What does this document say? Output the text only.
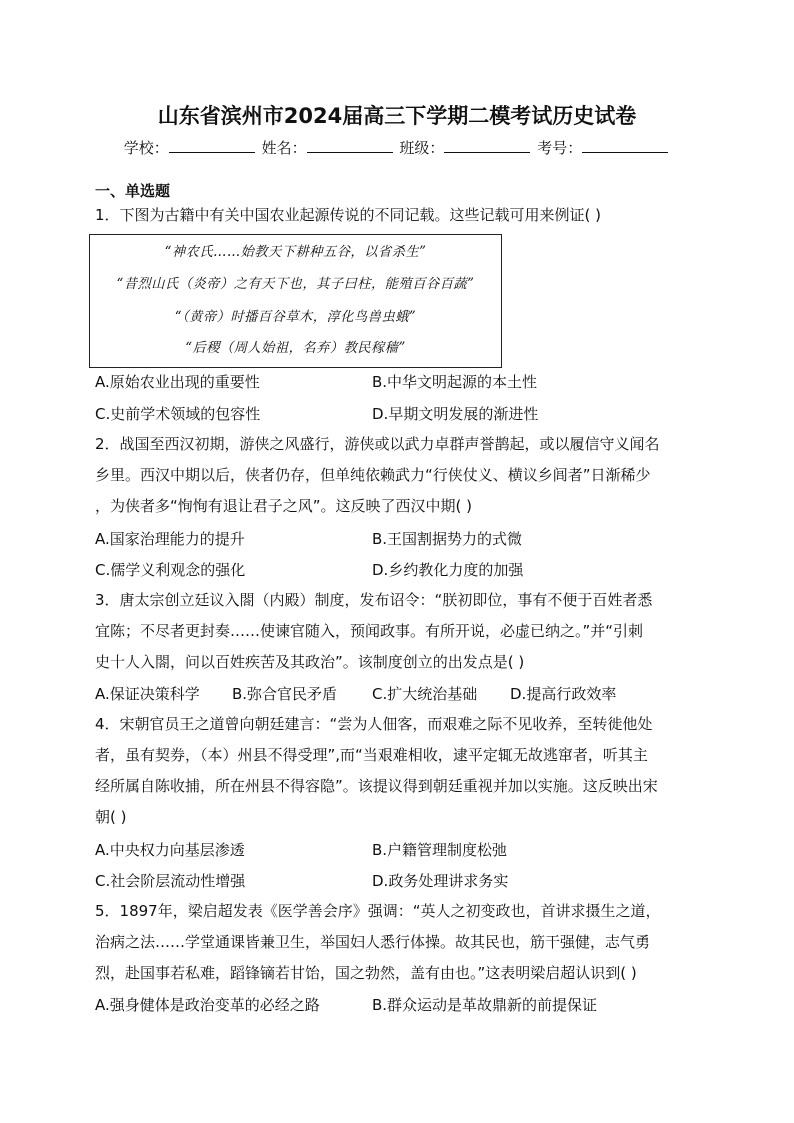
山东省滨州市2024届高三下学期二模考试历史试卷
学校：	姓名：	班级：	考号：
一、单选题
1．下图为古籍中有关中国农业起源传说的不同记载。这些记载可用来例证( )
“神农氏……始教天下耕种五谷，以省杀生”
“昔烈山氏（炎帝）之有天下也，其子曰柱，能殖百谷百蔬”
“（黄帝）时播百谷草木，淳化鸟兽虫蛾”
“后稷（周人始祖，名弃）教民稼穑”
A.原始农业出现的重要性	B.中华文明起源的本土性
C.史前学术领域的包容性	D.早期文明发展的渐进性
2．战国至西汉初期，游侠之风盛行，游侠或以武力卓群声誉鹊起，或以履信守义闻名
乡里。西汉中期以后，侠者仍存，但单纯依赖武力“行侠仗义、横议乡闾者”日渐稀少
，为侠者多“恂恂有退让君子之风”。这反映了西汉中期( )
A.国家治理能力的提升	B.王国割据势力的式微
C.儒学义利观念的强化	D.乡约教化力度的加强
3．唐太宗创立廷议入閤（内殿）制度，发布诏令：“朕初即位，事有不便于百姓者悉
宜陈；不尽者更封奏……使谏官随入，预闻政事。有所开说，必虚已纳之。”并“引刺
史十人入閤，问以百姓疾苦及其政治”。该制度创立的出发点是( )
A.保证决策科学 B.弥合官民矛盾 C.扩大统治基础 D.提高行政效率
4．宋朝官员王之道曾向朝廷建言：“尝为人佃客，而艰难之际不见收养，至转徙他处
者，虽有契券，（本）州县不得受理”,而“当艰难相收，逮平定辄无故逃窜者，听其主
经所属自陈收捕，所在州县不得容隐”。该提议得到朝廷重视并加以实施。这反映出宋
朝( )
A.中央权力向基层渗透	B.户籍管理制度松弛
C.社会阶层流动性增强	D.政务处理讲求务实
5．1897年，梁启超发表《医学善会序》强调：“英人之初变政也，首讲求摄生之道，
治病之法……学堂通课皆兼卫生，举国妇人悉行体操。故其民也，筋干强健，志气勇
烈，赴国事若私难，蹈锋镝若甘饴，国之勃然，盖有由也。”这表明梁启超认识到( )
A.强身健体是政治变革的必经之路	B.群众运动是革故鼎新的前提保证
